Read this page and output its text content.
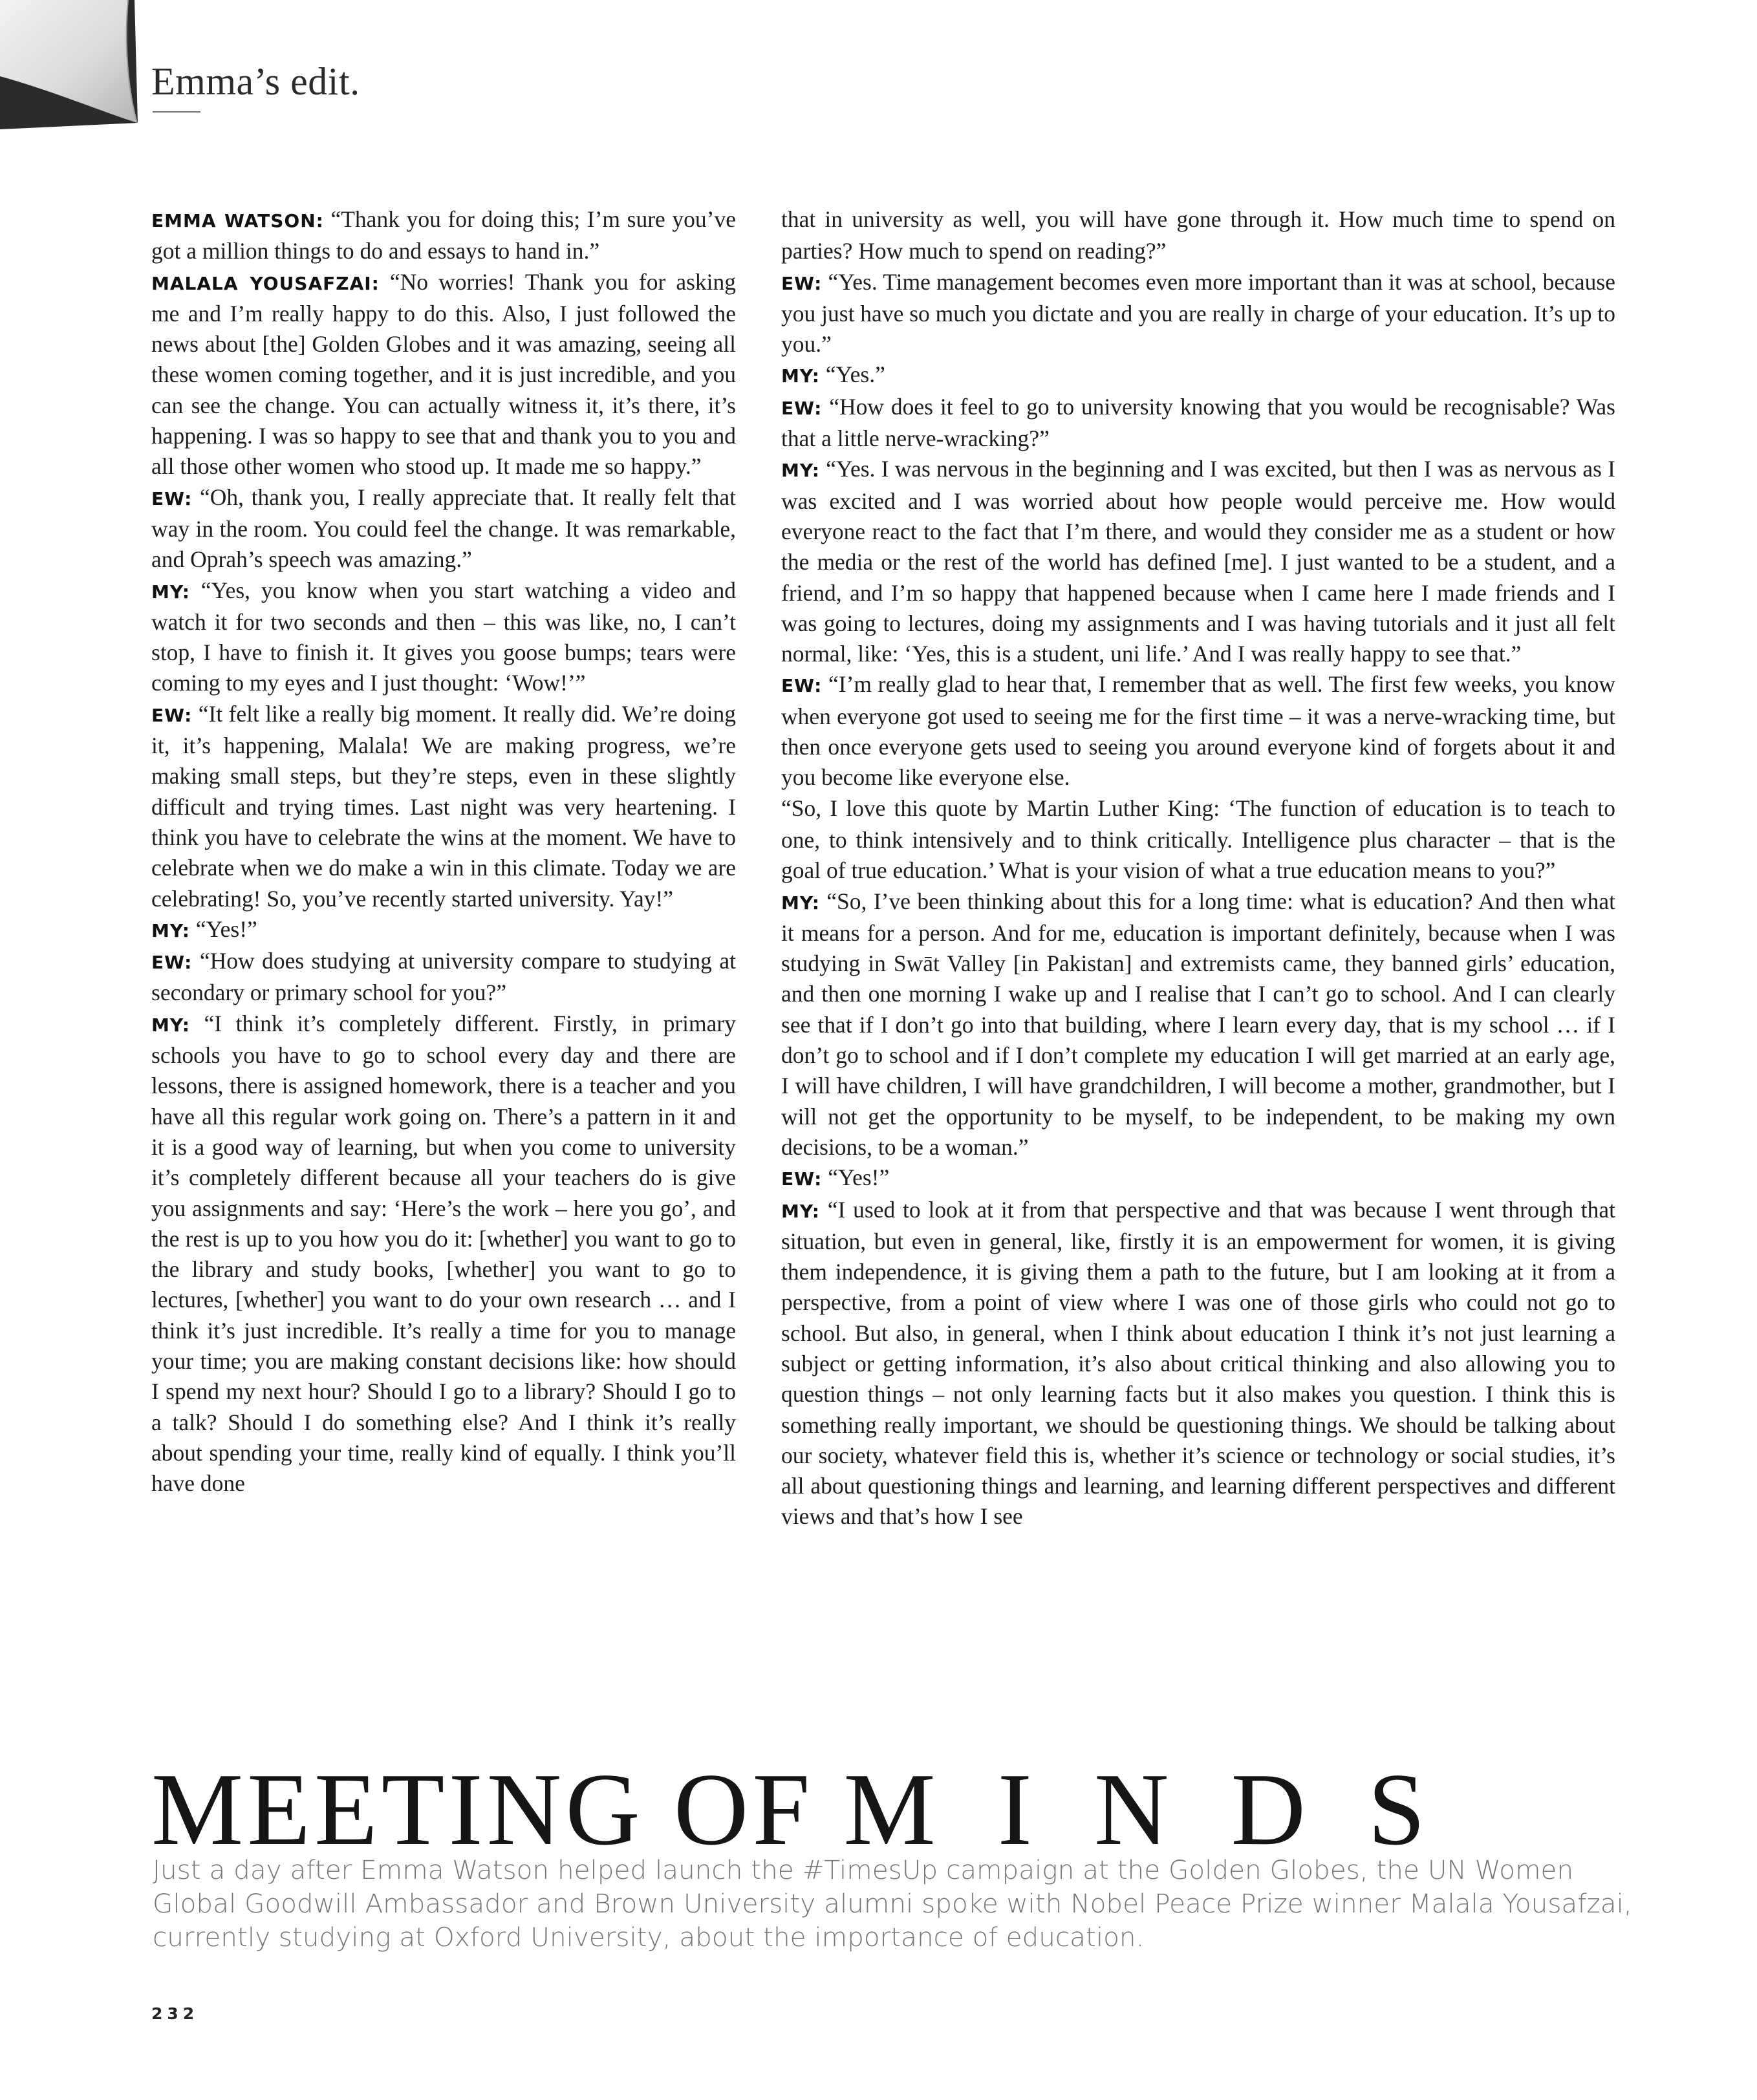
Emma’s edit.

EMMA WATSON: “Thank you for doing this; I’m sure you’ve got a million things to do and essays to hand in.”

MALALA YOUSAFZAI: “No worries! Thank you for asking me and I’m really happy to do this. Also, I just followed the news about [the] Golden Globes and it was amazing, seeing all these women coming together, and it is just incredible, and you can see the change. You can actually witness it, it’s there, it’s happening. I was so happy to see that and thank you to you and all those other women who stood up. It made me so happy.”

EW: “Oh, thank you, I really appreciate that. It really felt that way in the room. You could feel the change. It was remarkable, and Oprah’s speech was amazing.”

MY: “Yes, you know when you start watching a video and watch it for two seconds and then – this was like, no, I can’t stop, I have to finish it. It gives you goose bumps; tears were coming to my eyes and I just thought: ‘Wow!’”

EW: “It felt like a really big moment. It really did. We’re doing it, it’s happening, Malala! We are making progress, we’re making small steps, but they’re steps, even in these slightly difficult and trying times. Last night was very heartening. I think you have to celebrate the wins at the moment. We have to celebrate when we do make a win in this climate. Today we are celebrating! So, you’ve recently started university. Yay!”

MY: “Yes!”

EW: “How does studying at university compare to studying at secondary or primary school for you?”

MY: “I think it’s completely different. Firstly, in primary schools you have to go to school every day and there are lessons, there is assigned homework, there is a teacher and you have all this regular work going on. There’s a pattern in it and it is a good way of learning, but when you come to university it’s completely different because all your teachers do is give you assignments and say: ‘Here’s the work – here you go’, and the rest is up to you how you do it: [whether] you want to go to the library and study books, [whether] you want to go to lectures, [whether] you want to do your own research … and I think it’s just incredible. It’s really a time for you to manage your time; you are making constant decisions like: how should I spend my next hour? Should I go to a library? Should I go to a talk? Should I do something else? And I think it’s really about spending your time, really kind of equally. I think you’ll have done

that in university as well, you will have gone through it. How much time to spend on parties? How much to spend on reading?”

EW: “Yes. Time management becomes even more important than it was at school, because you just have so much you dictate and you are really in charge of your education. It’s up to you.”

MY: “Yes.”

EW: “How does it feel to go to university knowing that you would be recognisable? Was that a little nerve-wracking?”

MY: “Yes. I was nervous in the beginning and I was excited, but then I was as nervous as I was excited and I was worried about how people would perceive me. How would everyone react to the fact that I’m there, and would they consider me as a student or how the media or the rest of the world has defined [me]. I just wanted to be a student, and a friend, and I’m so happy that happened because when I came here I made friends and I was going to lectures, doing my assignments and I was having tutorials and it just all felt normal, like: ‘Yes, this is a student, uni life.’ And I was really happy to see that.”

EW: “I’m really glad to hear that, I remember that as well. The first few weeks, you know when everyone got used to seeing me for the first time – it was a nerve-wracking time, but then once everyone gets used to seeing you around everyone kind of forgets about it and you become like everyone else.

“So, I love this quote by Martin Luther King: ‘The function of education is to teach to one, to think intensively and to think critically. Intelligence plus character – that is the goal of true education.’ What is your vision of what a true education means to you?”

MY: “So, I’ve been thinking about this for a long time: what is education? And then what it means for a person. And for me, education is important definitely, because when I was studying in Swāt Valley [in Pakistan] and extremists came, they banned girls’ education, and then one morning I wake up and I realise that I can’t go to school. And I can clearly see that if I don’t go into that building, where I learn every day, that is my school … if I don’t go to school and if I don’t complete my education I will get married at an early age, I will have children, I will have grandchildren, I will become a mother, grandmother, but I will not get the opportunity to be myself, to be independent, to be making my own decisions, to be a woman.”

EW: “Yes!”

MY: “I used to look at it from that perspective and that was because I went through that situation, but even in general, like, firstly it is an empowerment for women, it is giving them independence, it is giving them a path to the future, but I am looking at it from a perspective, from a point of view where I was one of those girls who could not go to school. But also, in general, when I think about education I think it’s not just learning a subject or getting information, it’s also about critical thinking and also allowing you to question things – not only learning facts but it also makes you question. I think this is something really important, we should be questioning things. We should be talking about our society, whatever field this is, whether it’s science or technology or social studies, it’s all about questioning things and learning, and learning different perspectives and different views and that’s how I see

MEETING OF MINDS
Just a day after Emma Watson helped launch the #TimesUp campaign at the Golden Globes, the UN Women Global Goodwill Ambassador and Brown University alumni spoke with Nobel Peace Prize winner Malala Yousafzai, currently studying at Oxford University, about the importance of education.
232
